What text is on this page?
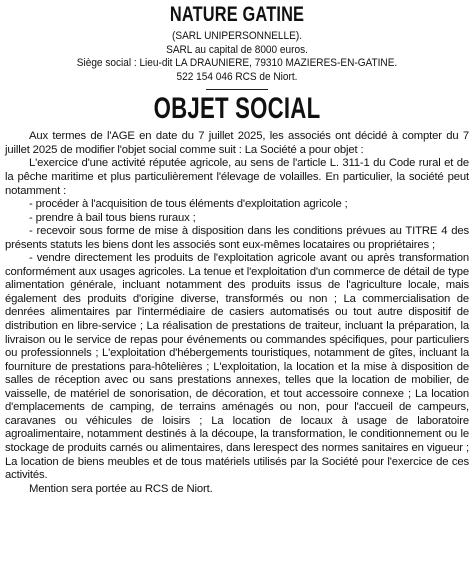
NATURE GATINE
(SARL UNIPERSONNELLE).
SARL au capital de 8000 euros.
Siège social : Lieu-dit LA DRAUNIERE, 79310 MAZIERES-EN-GATINE.
522 154 046 RCS de Niort.
OBJET SOCIAL

Aux termes de l'AGE en date du 7 juillet 2025, les associés ont décidé à compter du 7 juillet 2025 de modifier l'objet social comme suit : La Société a pour objet :

L'exercice d'une activité réputée agricole, au sens de l'article L. 311-1 du Code rural et de la pêche maritime et plus particulièrement l'élevage de volailles. En particulier, la société peut notamment :

- procéder à l'acquisition de tous éléments d'exploitation agricole ;

- prendre à bail tous biens ruraux ;

- recevoir sous forme de mise à disposition dans les conditions prévues au TITRE 4 des présents statuts les biens dont les associés sont eux-mêmes locataires ou propriétaires ;

- vendre directement les produits de l'exploitation agricole avant ou après transformation conformément aux usages agricoles. La tenue et l'exploitation d'un commerce de détail de type alimentation générale, incluant notamment des produits issus de l'agriculture locale, mais également des produits d'origine diverse, transformés ou non ; La commercialisation de denrées alimentaires par l'intermédiaire de casiers automatisés ou tout autre dispositif de distribution en libre-service ; La réalisation de prestations de traiteur, incluant la préparation, la livraison ou le service de repas pour événements ou commandes spécifiques, pour particuliers ou professionnels ; L'exploitation d'hébergements touristiques, notamment de gîtes, incluant la fourniture de prestations para-hôtelières ; L'exploitation, la location et la mise à disposition de salles de réception avec ou sans prestations annexes, telles que la location de mobilier, de vaisselle, de matériel de sonorisation, de décoration, et tout accessoire connexe ; La location d'emplacements de camping, de terrains aménagés ou non, pour l'accueil de campeurs, caravanes ou véhicules de loisirs ; La location de locaux à usage de laboratoire agroalimentaire, notamment destinés à la découpe, la transformation, le conditionnement ou le stockage de produits carnés ou alimentaires, dans lerespect des normes sanitaires en vigueur ; La location de biens meubles et de tous matériels utilisés par la Société pour l'exercice de ces activités.

Mention sera portée au RCS de Niort.
